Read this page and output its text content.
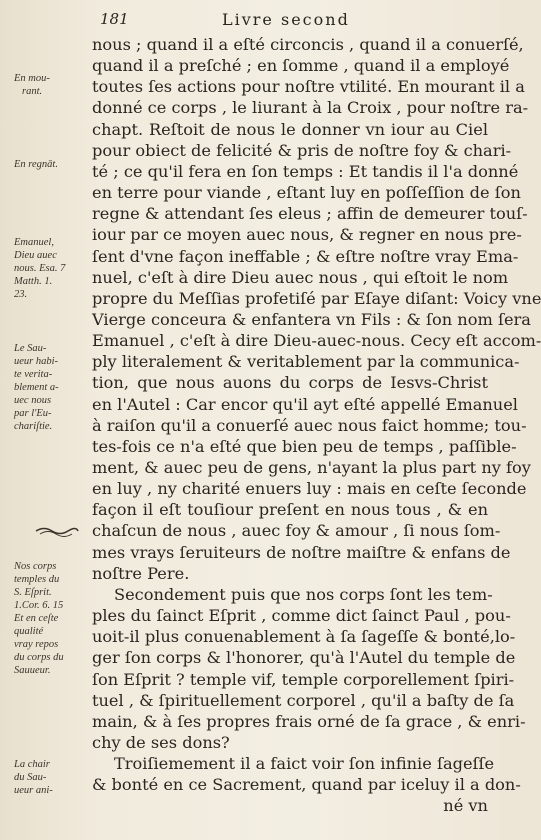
181	Livre second
En mou-
rant.
En regnāt.
Emanuel,
Dieu auec
nous. Esa. 7
Matth. 1.
23.
Le Sau-
ueur habi-
te verita-
blement a-
uec nous
par l'Eu-
chariſtie.
Nos corps
temples du
S. Eſprit.
1.Cor. 6. 15
Et en ceſte
qualité
vray repos
du corps du
Sauueur.
La chair
du Sau-
ueur ani-
nous ; quand il a eſté circoncis , quand il a conuerſé,
quand il a preſché ; en ſomme , quand il a employé
toutes ſes actions pour noſtre vtilité. En mourant il a
donné ce corps , le liurant à la Croix , pour noſtre ra-
chapt. Reſtoit de nous le donner vn iour au Ciel
pour obiect de felicité & pris de noſtre foy & chari-
té ; ce qu'il fera en ſon temps : Et tandis il l'a donné
en terre pour viande , eſtant luy en poſſeſſion de ſon
regne & attendant ſes eleus ; affin de demeurer touſ-
iour par ce moyen auec nous, & regner en nous pre-
ſent d'vne façon ineffable ; & eſtre noſtre vray Ema-
nuel, c'eſt à dire Dieu auec nous , qui eſtoit le nom
propre du Meſſias profetiſé par Eſaye diſant: Voicy vne
Vierge conceura & enfantera vn Fils : & ſon nom ſera
Emanuel , c'eſt à dire Dieu-auec-nous. Cecy eſt accom-
ply literalement & veritablement par la communica-
tion, que nous auons du corps de Iesvs-Christ
en l'Autel : Car encor qu'il ayt eſté appellé Emanuel
à raiſon qu'il a conuerſé auec nous faict homme; tou-
tes-fois ce n'a eſté que bien peu de temps , paſſible-
ment, & auec peu de gens, n'ayant la plus part ny foy
en luy , ny charité enuers luy : mais en ceſte ſeconde
façon il eſt touſiour preſent en nous tous , & en
chaſcun de nous , auec foy & amour , ſi nous ſom-
mes vrays ſeruiteurs de noſtre maiſtre & enfans de
noſtre Pere.
Secondement puis que nos corps ſont les tem-
ples du ſainct Eſprit , comme dict ſainct Paul , pou-
uoit-il plus conuenablement à ſa ſageſſe & bonté,lo-
ger ſon corps & l'honorer, qu'à l'Autel du temple de
ſon Eſprit ? temple vif, temple corporellement ſpiri-
tuel , & ſpirituellement corporel , qu'il a baſty de ſa
main, & à ſes propres frais orné de ſa grace , & enri-
chy de ses dons?
Troiſiemement il a faict voir ſon infinie ſageſſe
& bonté en ce Sacrement, quand par iceluy il a don-
né vn
